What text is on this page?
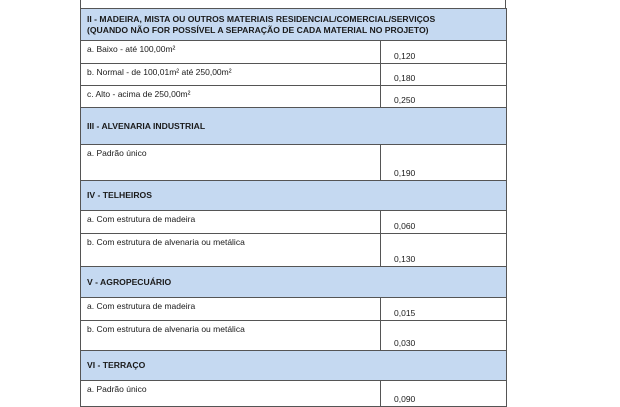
II - MADEIRA, MISTA OU OUTROS MATERIAIS RESIDENCIAL/COMERCIAL/SERVIÇOS
(QUANDO NÃO FOR POSSÍVEL A SEPARAÇÃO DE CADA MATERIAL NO PROJETO)	

a. Baixo - até 100,00m²	0,120
b. Normal - de 100,01m² até 250,00m²	0,180
c. Alto - acima de 250,00m²	0,250
III - ALVENARIA INDUSTRIAL	
a. Padrão único	0,190
IV - TELHEIROS	
a. Com estrutura de madeira	0,060
b. Com estrutura de alvenaria ou metálica	0,130
V - AGROPECUÁRIO	
a. Com estrutura de madeira	0,015
b. Com estrutura de alvenaria ou metálica	0,030
VI - TERRAÇO	
a. Padrão único	0,090
